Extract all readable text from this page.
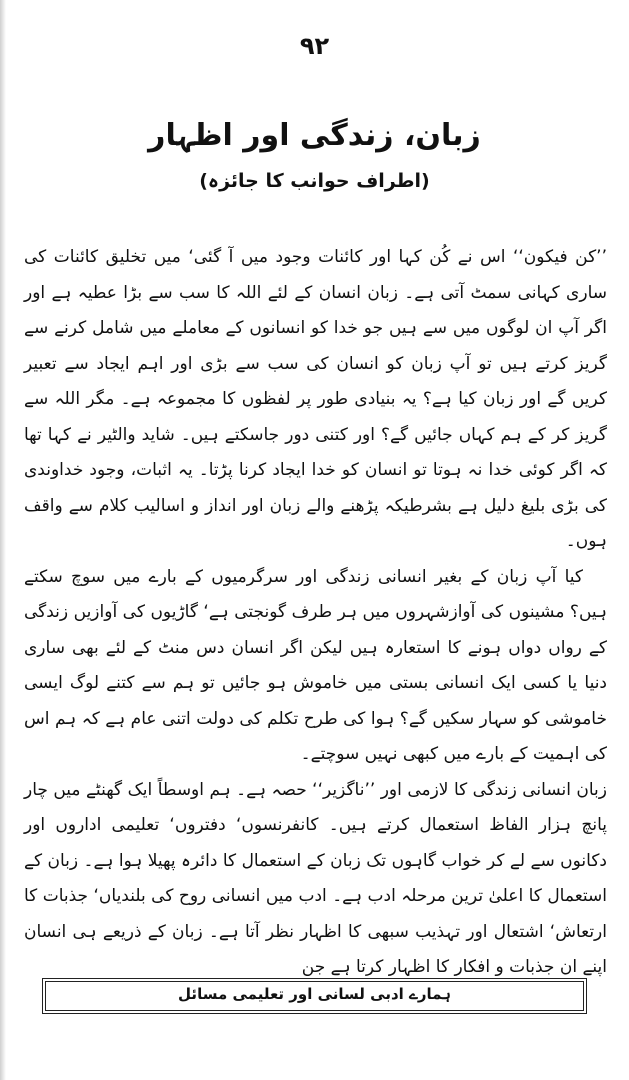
۹۲
زبان، زندگی اور اظہار
(اطراف حوانب کا جائزہ)

’’کن فیکون‘‘ اس نے کُن کہا اور کائنات وجود میں آ گئی‘ میں تخلیق کائنات کی ساری کہانی سمٹ آتی ہے۔ زبان انسان کے لئے اللہ کا سب سے بڑا عطیہ ہے اور اگر آپ ان لوگوں میں سے ہیں جو خدا کو انسانوں کے معاملے میں شامل کرنے سے گریز کرتے ہیں تو آپ زبان کو انسان کی سب سے بڑی اور اہم ایجاد سے تعبیر کریں گے اور زبان کیا ہے؟ یہ بنیادی طور پر لفظوں کا مجموعہ ہے۔ مگر اللہ سے گریز کر کے ہم کہاں جائیں گے؟ اور کتنی دور جاسکتے ہیں۔ شاید والٹیر نے کہا تھا کہ اگر کوئی خدا نہ ہوتا تو انسان کو خدا ایجاد کرنا پڑتا۔ یہ اثبات، وجود خداوندی کی بڑی بلیغ دلیل ہے بشرطیکہ پڑھنے والے زبان اور انداز و اسالیب کلام سے واقف ہوں۔

کیا آپ زبان کے بغیر انسانی زندگی اور سرگرمیوں کے بارے میں سوچ سکتے ہیں؟ مشینوں کی آوازشہروں میں ہر طرف گونجتی ہے‘ گاڑیوں کی آوازیں زندگی کے رواں دواں ہونے کا استعارہ ہیں لیکن اگر انسان دس منٹ کے لئے بھی ساری دنیا یا کسی ایک انسانی بستی میں خاموش ہو جائیں تو ہم سے کتنے لوگ ایسی خاموشی کو سہار سکیں گے؟ ہوا کی طرح تکلم کی دولت اتنی عام ہے کہ ہم اس کی اہمیت کے بارے میں کبھی نہیں سوچتے۔

زبان انسانی زندگی کا لازمی اور ’’ناگزیر‘‘ حصہ ہے۔ ہم اوسطاً ایک گھنٹے میں چار پانچ ہزار الفاظ استعمال کرتے ہیں۔ کانفرنسوں‘ دفتروں‘ تعلیمی اداروں اور دکانوں سے لے کر خواب گاہوں تک زبان کے استعمال کا دائرہ پھیلا ہوا ہے۔ زبان کے استعمال کا اعلیٰ ترین مرحلہ ادب ہے۔ ادب میں انسانی روح کی بلندیاں‘ جذبات کا ارتعاش‘ اشتعال اور تہذیب سبھی کا اظہار نظر آتا ہے۔ زبان کے ذریعے ہی انسان اپنے ان جذبات و افکار کا اظہار کرتا ہے جن

ہمارے ادبی لسانی اور تعلیمی مسائل
